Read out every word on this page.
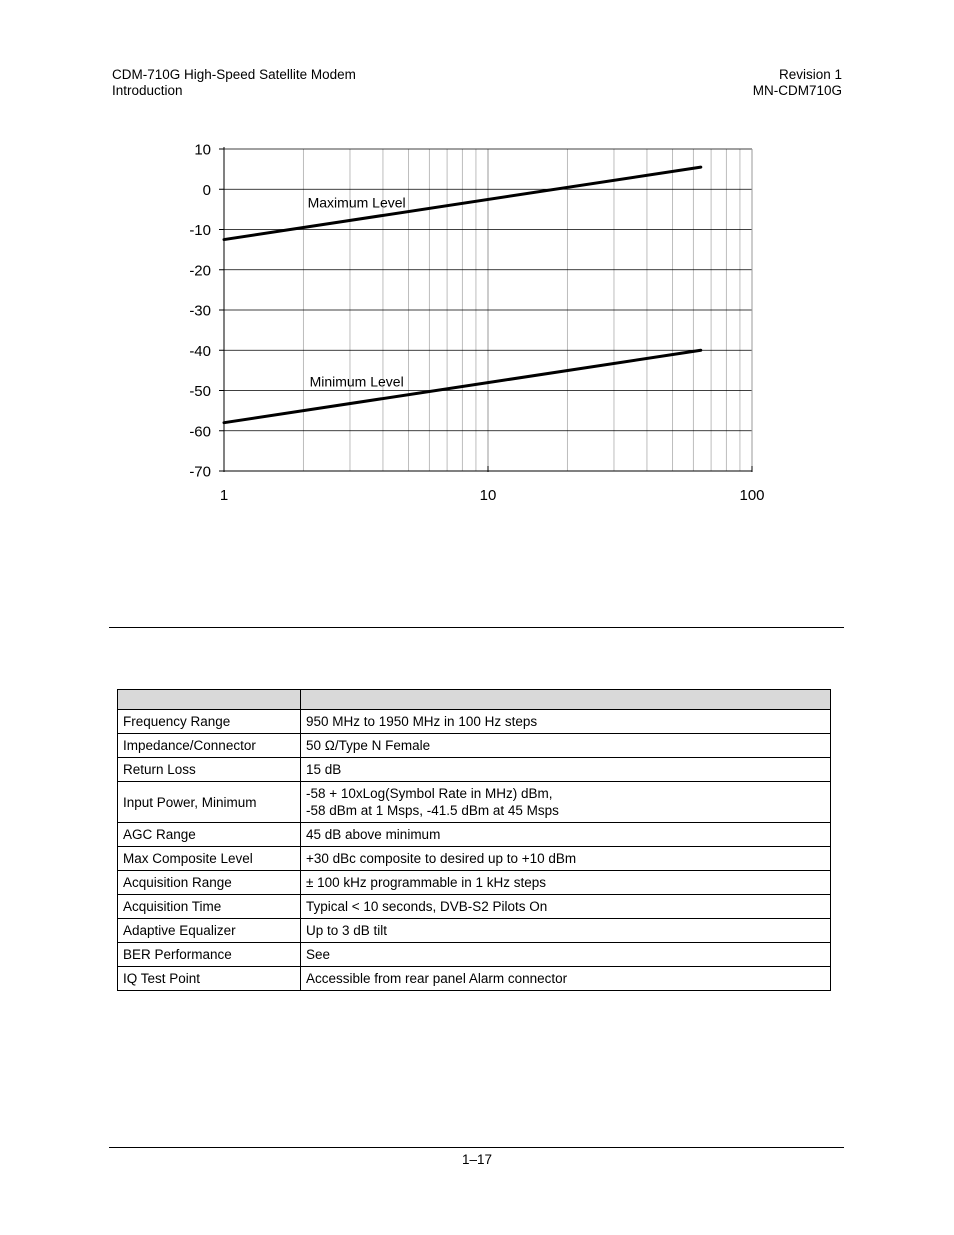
CDM-710G High-Speed Satellite Modem
Introduction
Revision 1
MN-CDM710G
10
0
-10
-20
-30
-40
-50
-60
-70
1	10	100
Maximum Level
Minimum Level

Frequency Range	950 MHz to 1950 MHz in 100 Hz steps
Impedance/Connector	50 Ω/Type N Female
Return Loss	15 dB
Input Power, Minimum	-58 + 10xLog(Symbol Rate in MHz) dBm,
-58 dBm at 1 Msps, -41.5 dBm at 45 Msps
AGC Range	45 dB above minimum
Max Composite Level	+30 dBc composite to desired up to +10 dBm
Acquisition Range	± 100 kHz programmable in 1 kHz steps
Acquisition Time	Typical < 10 seconds, DVB-S2 Pilots On
Adaptive Equalizer	Up to 3 dB tilt
BER Performance	See
IQ Test Point	Accessible from rear panel Alarm connector
1–17
